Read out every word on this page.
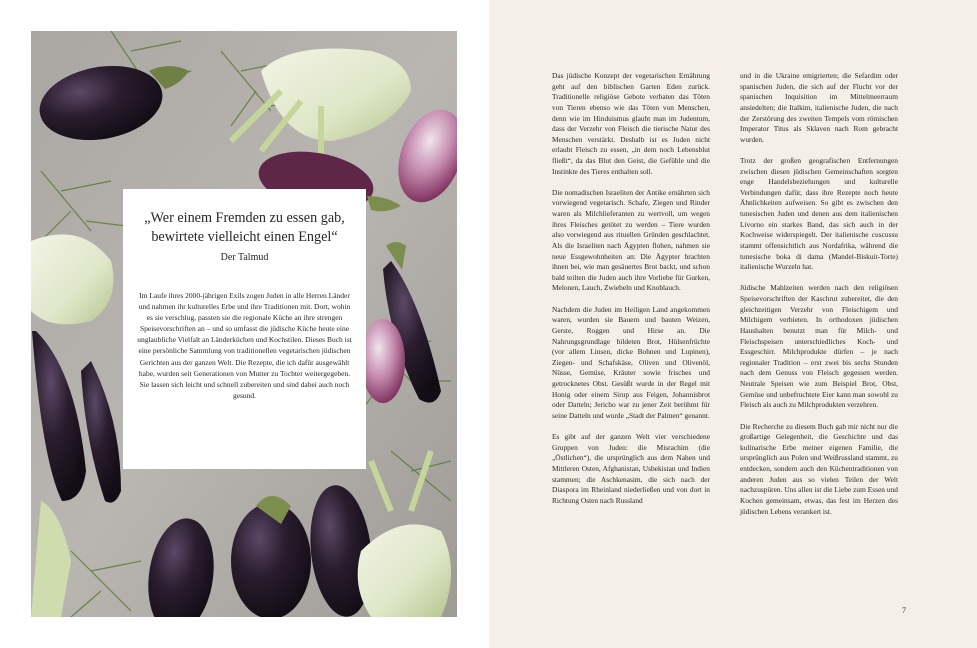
„Wer einem Fremden zu essen gab, bewirtete vielleicht einen Engel“

Der Talmud

Im Laufe ihres 2000-jährigen Exils zogen Juden in alle Herren Länder und nahmen ihr kulturelles Erbe und ihre Traditionen mit. Dort, wohin es sie verschlug, passten sie die regionale Küche an ihre strengen Speisevorschriften an – und so umfasst die jüdische Küche heute eine unglaubliche Vielfalt an Länderküchen und Kochstilen. Dieses Buch ist eine persönliche Sammlung von traditionellen vegetarischen jüdischen Gerichten aus der ganzen Welt. Die Rezepte, die ich dafür ausgewählt habe, wurden seit Generationen von Mutter zu Tochter weitergegeben. Sie lassen sich leicht und schnell zubereiten und sind dabei auch noch gesund.

Das jüdische Konzept der vegetarischen Ernährung geht auf den biblischen Garten Eden zurück. Traditionelle religiöse Gebote verbaten das Töten von Tieren ebenso wie das Töten von Menschen, denn wie im Hinduismus glaubt man im Judentum, dass der Verzehr von Fleisch die tierische Natur des Menschen verstärkt. Deshalb ist es Juden nicht erlaubt Fleisch zu essen, „in dem noch Lebensblut fließt“, da das Blut den Geist, die Gefühle und die Instinkte des Tieres enthalten soll.

Die nomadischen Israeliten der Antike ernährten sich vorwiegend vegetarisch. Schafe, Ziegen und Rinder waren als Milchlieferanten zu wertvoll, um wegen ihres Fleisches getötet zu werden – Tiere wurden also vorwiegend aus rituellen Gründen geschlachtet. Als die Israeliten nach Ägypten flohen, nahmen sie neue Essgewohnheiten an: Die Ägypter brachten ihnen bei, wie man gesäuertes Brot backt, und schon bald teilten die Juden auch ihre Vorliebe für Gurken, Melonen, Lauch, Zwiebeln und Knoblauch.

Nachdem die Juden im Heiligen Land angekommen waren, wurden sie Bauern und bauten Weizen, Gerste, Roggen und Hirse an. Die Nahrungsgrundlage bildeten Brot, Hülsenfrüchte (vor allem Linsen, dicke Bohnen und Lupinen), Ziegen- und Schafskäse, Oliven und Olivenöl, Nüsse, Gemüse, Kräuter sowie frisches und getrocknetes Obst. Gesüßt wurde in der Regel mit Honig oder einem Sirup aus Feigen, Johannisbrot oder Datteln; Jericho war zu jener Zeit berühmt für seine Datteln und wurde „Stadt der Palmen“ genannt.

Es gibt auf der ganzen Welt vier verschiedene Gruppen von Juden: die Misrachim (die „Östlichen“), die ursprünglich aus dem Nahen und Mittleren Osten, Afghanistan, Usbekistan und Indien stammen; die Aschkenasim, die sich nach der Diaspora im Rheinland niederließen und von dort in Richtung Osten nach Russland

und in die Ukraine emigrierten; die Sefardim oder spanischen Juden, die sich auf der Flucht vor der spanischen Inquisition im Mittelmeerraum ansiedelten; die Italkim, italienische Juden, die nach der Zerstörung des zweiten Tempels vom römischen Imperator Titus als Sklaven nach Rom gebracht wurden.

Trotz der großen geografischen Entfernungen zwischen diesen jüdischen Gemeinschaften sorgten enge Handelsbeziehungen und kulturelle Verbindungen dafür, dass ihre Rezepte noch heute Ähnlichkeiten aufweisen. So gibt es zwischen den tunesischen Juden und denen aus dem italienischen Livorno ein starkes Band, das sich auch in der Kochweise widerspiegelt. Der italienische cuscussu stammt offensichtlich aus Nordafrika, während die tunesische boka di dama (Mandel-Biskuit-Torte) italienische Wurzeln hat.

Jüdische Mahlzeiten werden nach den religiösen Speisevorschriften der Kaschrut zubereitet, die den gleichzeitigen Verzehr von Fleischigem und Milchigem verbieten. In orthodoxen jüdischen Haushalten benutzt man für Milch- und Fleischspeisen unterschiedliches Koch- und Essgeschirr. Milchprodukte dürfen – je nach regionaler Tradition – erst zwei bis sechs Stunden nach dem Genuss von Fleisch gegessen werden. Neutrale Speisen wie zum Beispiel Brot, Obst, Gemüse und unbefruchtete Eier kann man sowohl zu Fleisch als auch zu Milchprodukten verzehren.

Die Recherche zu diesem Buch gab mir nicht nur die großartige Gelegenheit, die Geschichte und das kulinarische Erbe meiner eigenen Familie, die ursprünglich aus Polen und Weißrussland stammt, zu entdecken, sondern auch den Küchentraditionen von anderen Juden aus so vielen Teilen der Welt nachzuspüren. Uns allen ist die Liebe zum Essen und Kochen gemeinsam, etwas, das fest im Herzen des jüdischen Lebens verankert ist.

7
